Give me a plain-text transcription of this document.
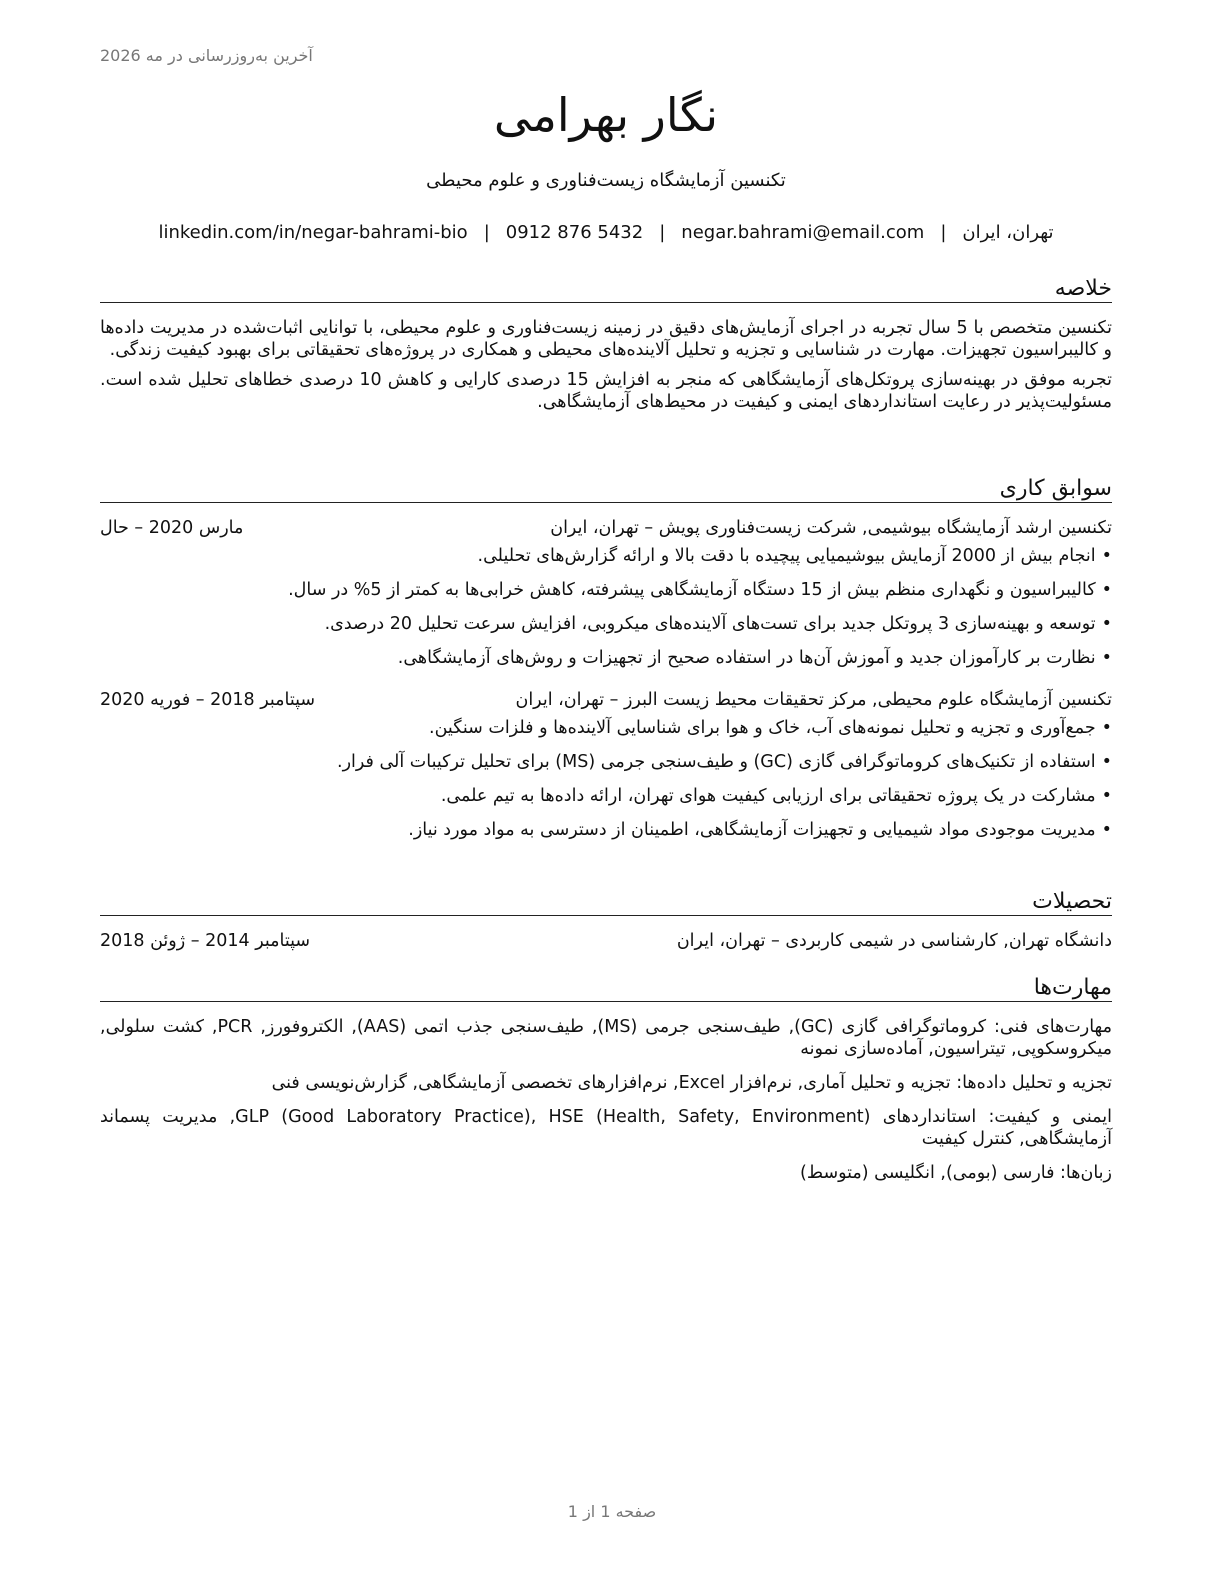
آخرین به‌روزرسانی در مه 2026
نگار بهرامی
تکنسین آزمایشگاه زیست‌فناوری و علوم محیطی
تهران، ایران
|
negar.bahrami@email.com
|
0912 876 5432
|
linkedin.com/in/negar-bahrami-bio
خلاصه

تکنسین متخصص با 5 سال تجربه در اجرای آزمایش‌های دقیق در زمینه زیست‌فناوری و علوم محیطی، با توانایی اثبات‌شده در مدیریت داده‌ها و کالیبراسیون تجهیزات. مهارت در شناسایی و تجزیه و تحلیل آلاینده‌های محیطی و همکاری در پروژه‌های تحقیقاتی برای بهبود کیفیت زندگی.

تجربه موفق در بهینه‌سازی پروتکل‌های آزمایشگاهی که منجر به افزایش 15 درصدی کارایی و کاهش 10 درصدی خطاهای تحلیل شده است. مسئولیت‌پذیر در رعایت استانداردهای ایمنی و کیفیت در محیط‌های آزمایشگاهی.

سوابق کاری
تکنسین ارشد آزمایشگاه بیوشیمی, شرکت زیست‌فناوری پویش – تهران، ایران
مارس 2020 – حال
•انجام بیش از 2000 آزمایش بیوشیمیایی پیچیده با دقت بالا و ارائه گزارش‌های تحلیلی.
•کالیبراسیون و نگهداری منظم بیش از 15 دستگاه آزمایشگاهی پیشرفته، کاهش خرابی‌ها به کمتر از 5% در سال.
•توسعه و بهینه‌سازی 3 پروتکل جدید برای تست‌های آلاینده‌های میکروبی، افزایش سرعت تحلیل 20 درصدی.
•نظارت بر کارآموزان جدید و آموزش آن‌ها در استفاده صحیح از تجهیزات و روش‌های آزمایشگاهی.
تکنسین آزمایشگاه علوم محیطی, مرکز تحقیقات محیط زیست البرز – تهران، ایران
سپتامبر 2018 – فوریه 2020
•جمع‌آوری و تجزیه و تحلیل نمونه‌های آب، خاک و هوا برای شناسایی آلاینده‌ها و فلزات سنگین.
•استفاده از تکنیک‌های کروماتوگرافی گازی (GC) و طیف‌سنجی جرمی (MS) برای تحلیل ترکیبات آلی فرار.
•مشارکت در یک پروژه تحقیقاتی برای ارزیابی کیفیت هوای تهران، ارائه داده‌ها به تیم علمی.
•مدیریت موجودی مواد شیمیایی و تجهیزات آزمایشگاهی، اطمینان از دسترسی به مواد مورد نیاز.
تحصیلات
دانشگاه تهران, کارشناسی در شیمی کاربردی – تهران، ایران
سپتامبر 2014 – ژوئن 2018
مهارت‌ها
مهارت‌های فنی: کروماتوگرافی گازی (GC), طیف‌سنجی جرمی (MS), طیف‌سنجی جذب اتمی (AAS), الکتروفورز, PCR, کشت سلولی, میکروسکوپی, تیتراسیون, آماده‌سازی نمونه
تجزیه و تحلیل داده‌ها: تجزیه و تحلیل آماری, نرم‌افزار Excel, نرم‌افزارهای تخصصی آزمایشگاهی, گزارش‌نویسی فنی
ایمنی و کیفیت: استانداردهای GLP (Good Laboratory Practice), HSE (Health, Safety, Environment), مدیریت پسماند آزمایشگاهی, کنترل کیفیت
زبان‌ها: فارسی (بومی), انگلیسی (متوسط)
صفحه 1 از 1
